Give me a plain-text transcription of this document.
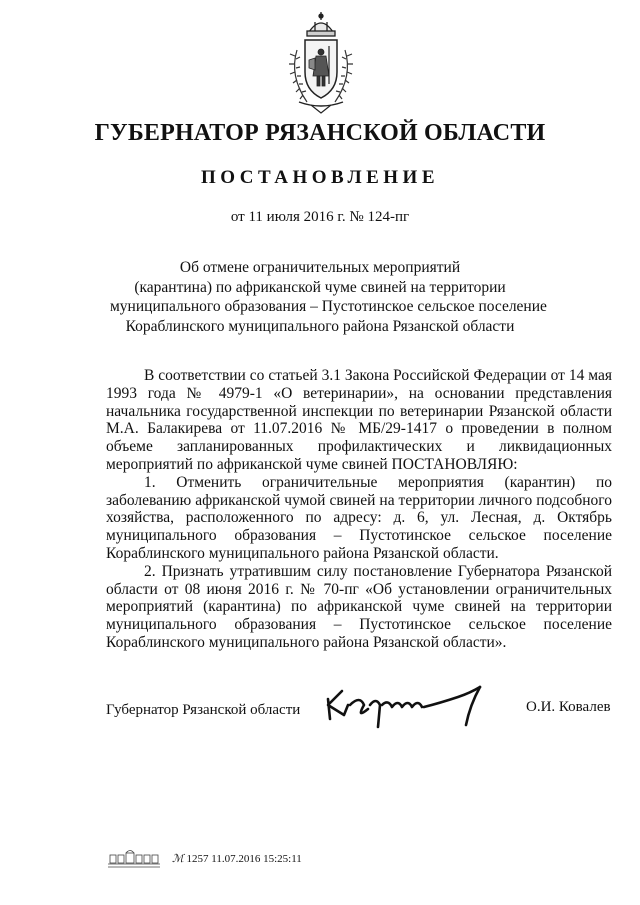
ГУБЕРНАТОР РЯЗАНСКОЙ ОБЛАСТИ
ПОСТАНОВЛЕНИЕ
от 11 июля 2016 г. № 124-пг
Об отмене ограничительных мероприятий
(карантина) по африканской чуме свиней на территории
муниципального образования – Пустотинское сельское поселение
Кораблинского муниципального района Рязанской области

В соответствии со статьей 3.1 Закона Российской Федерации от 14 мая 1993 года № 4979-1 «О ветеринарии», на основании представления начальника государственной инспекции по ветеринарии Рязанской области М.А. Балакирева от 11.07.2016 № МБ/29-1417 о проведении в полном объеме запланированных профилактических и ликвидационных мероприятий по африканской чуме свиней ПОСТАНОВЛЯЮ:

1. Отменить ограничительные мероприятия (карантин) по заболеванию африканской чумой свиней на территории личного подсобного хозяйства, расположенного по адресу: д. 6, ул. Лесная, д. Октябрь муниципального образования – Пустотинское сельское поселение Кораблинского муниципального района Рязанской области.

2. Признать утратившим силу постановление Губернатора Рязанской области от 08 июня 2016 г. № 70-пг «Об установлении ограничительных мероприятий (карантина) по африканской чуме свиней на территории муниципального образования – Пустотинское сельское поселение Кораблинского муниципального района Рязанской области».

Губернатор Рязанской области	О.И. Ковалев
ℳ 1257 11.07.2016 15:25:11
